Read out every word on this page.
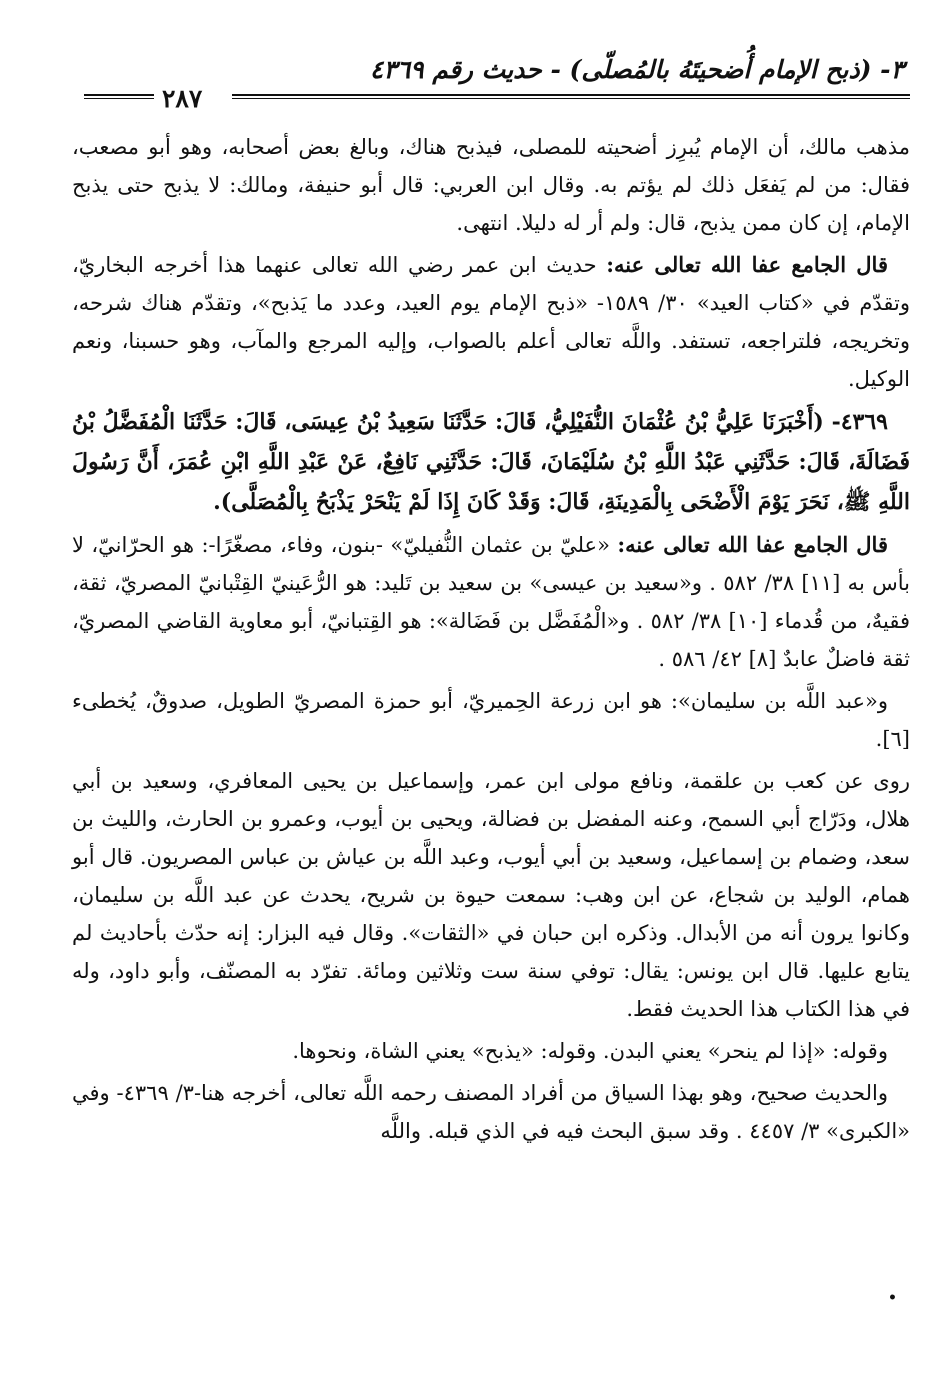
٣- (ذبح الإمام أُضحيتَهُ بالمُصلّى) - حديث رقم ٤٣٦٩
٢٨٧

مذهب مالك، أن الإمام يُبرِز أضحيته للمصلى، فيذبح هناك، وبالغ بعض أصحابه، وهو أبو مصعب، فقال: من لم يَفعَل ذلك لم يؤتم به. وقال ابن العربي: قال أبو حنيفة، ومالك: لا يذبح حتى يذبح الإمام، إن كان ممن يذبح، قال: ولم أر له دليلا. انتهى.

قال الجامع عفا الله تعالى عنه: حديث ابن عمر رضي الله تعالى عنهما هذا أخرجه البخاريّ، وتقدّم في «كتاب العيد» ٣٠/ ١٥٨٩- «ذبح الإمام يوم العيد، وعدد ما يَذبح»، وتقدّم هناك شرحه، وتخريجه، فلتراجعه، تستفد. واللَّه تعالى أعلم بالصواب، وإليه المرجع والمآب، وهو حسبنا، ونعم الوكيل.

٤٣٦٩- (أَخْبَرَنَا عَلِيُّ بْنُ عُثْمَانَ النُّفَيْلِيُّ، قَالَ: حَدَّثَنَا سَعِيدُ بْنُ عِيسَى، قَالَ: حَدَّثَنَا الْمُفَضَّلُ بْنُ فَضَالَةَ، قَالَ: حَدَّثَنِي عَبْدُ اللَّهِ بْنُ سُلَيْمَانَ، قَالَ: حَدَّثَنِي نَافِعٌ، عَنْ عَبْدِ اللَّهِ ابْنِ عُمَرَ، أَنَّ رَسُولَ اللَّهِ ﷺ، نَحَرَ يَوْمَ الْأَضْحَى بِالْمَدِينَةِ، قَالَ: وَقَدْ كَانَ إِذَا لَمْ يَنْحَرْ يَذْبَحُ بِالْمُصَلَّى).

قال الجامع عفا الله تعالى عنه: «عليّ بن عثمان النُّفيليّ» -بنون، وفاء، مصغّرًا-: هو الحرّانيّ، لا بأس به [١١] ٣٨/ ٥٨٢ . و«سعيد بن عيسى» بن سعيد بن تَليد: هو الرُّعَينيّ القِتْبانيّ المصريّ، ثقة، فقيهٌ، من قُدماء [١٠] ٣٨/ ٥٨٢ . و«الْمُفَضَّل بن فَضَالة»: هو القِتبانيّ، أبو معاوية القاضي المصريّ، ثقة فاضلٌ عابدٌ [٨] ٤٢/ ٥٨٦ .

و«عبد اللَّه بن سليمان»: هو ابن زرعة الحِميريّ، أبو حمزة المصريّ الطويل، صدوقٌ، يُخطىء [٦].

روى عن كعب بن علقمة، ونافع مولى ابن عمر، وإسماعيل بن يحيى المعافري، وسعيد بن أبي هلال، ودَرّاج أبي السمح، وعنه المفضل بن فضالة، ويحيى بن أيوب، وعمرو بن الحارث، والليث بن سعد، وضمام بن إسماعيل، وسعيد بن أبي أيوب، وعبد اللَّه بن عياش بن عباس المصريون. قال أبو همام، الوليد بن شجاع، عن ابن وهب: سمعت حيوة بن شريح، يحدث عن عبد اللَّه بن سليمان، وكانوا يرون أنه من الأبدال. وذكره ابن حبان في «الثقات». وقال فيه البزار: إنه حدّث بأحاديث لم يتابع عليها. قال ابن يونس: يقال: توفي سنة ست وثلاثين ومائة. تفرّد به المصنّف، وأبو داود، وله في هذا الكتاب هذا الحديث فقط.

وقوله: «إذا لم ينحر» يعني البدن. وقوله: «يذبح» يعني الشاة، ونحوها.

والحديث صحيح، وهو بهذا السياق من أفراد المصنف رحمه اللَّه تعالى، أخرجه هنا-٣/ ٤٣٦٩- وفي «الكبرى» ٣/ ٤٤٥٧ . وقد سبق البحث فيه في الذي قبله. واللَّه

•
